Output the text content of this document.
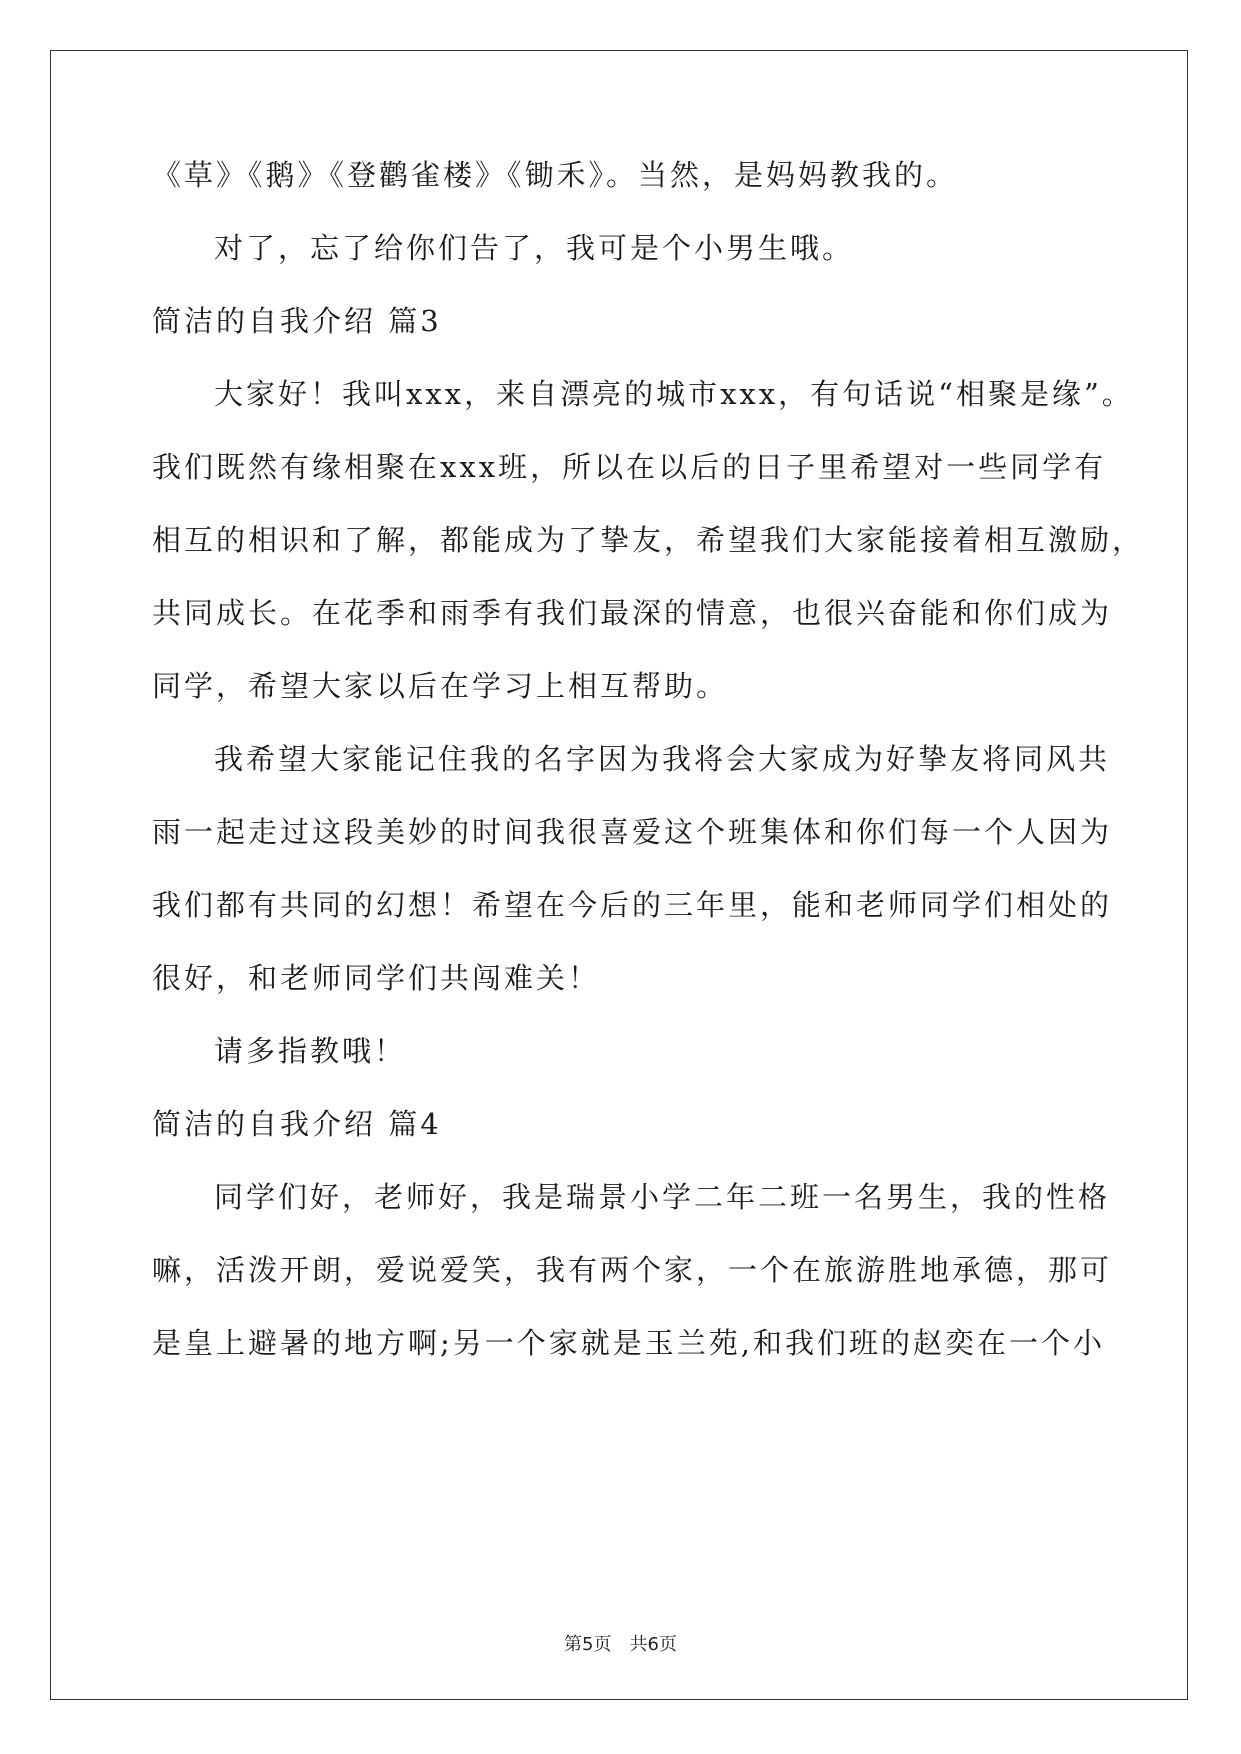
《草》《鹅》《登鹳雀楼》《锄禾》。当然，是妈妈教我的。
对了，忘了给你们告了，我可是个小男生哦。
简洁的自我介绍 篇3
大家好！我叫xxx，来自漂亮的城市xxx，有句话说“相聚是缘”。
我们既然有缘相聚在xxx班，所以在以后的日子里希望对一些同学有
相互的相识和了解，都能成为了挚友，希望我们大家能接着相互激励，
共同成长。在花季和雨季有我们最深的情意，也很兴奋能和你们成为
同学，希望大家以后在学习上相互帮助。
我希望大家能记住我的名字因为我将会大家成为好挚友将同风共
雨一起走过这段美妙的时间我很喜爱这个班集体和你们每一个人因为
我们都有共同的幻想！希望在今后的三年里，能和老师同学们相处的
很好，和老师同学们共闯难关！
请多指教哦！
简洁的自我介绍 篇4
同学们好，老师好，我是瑞景小学二年二班一名男生，我的性格
嘛，活泼开朗，爱说爱笑，我有两个家，一个在旅游胜地承德，那可
是皇上避暑的地方啊;另一个家就是玉兰苑,和我们班的赵奕在一个小
第5页　共6页
